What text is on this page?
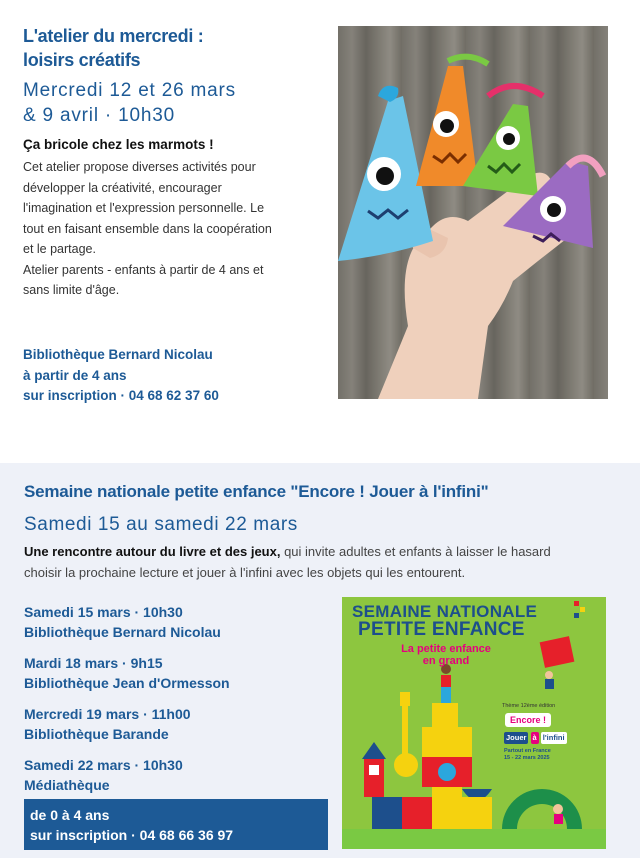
L'atelier du mercredi :
loisirs créatifs
Mercredi 12 et 26 mars
& 9 avril · 10h30
Ça bricole chez les marmots !
Cet atelier propose diverses activités pour
développer la créativité, encourager
l'imagination et l'expression personnelle. Le
tout en faisant ensemble dans la coopération
et le partage.
Atelier parents - enfants à partir de 4 ans et
sans limite d'âge.
Bibliothèque Bernard Nicolau
à partir de 4 ans
sur inscription · 04 68 62 37 60
Semaine nationale petite enfance "Encore ! Jouer à l'infini"
Samedi 15 au samedi 22 mars
Une rencontre autour du livre et des jeux, qui invite adultes et enfants à laisser le hasard
choisir la prochaine lecture et jouer à l'infini avec les objets qui les entourent.
Samedi 15 mars · 10h30
Bibliothèque Bernard Nicolau
Mardi 18 mars · 9h15
Bibliothèque Jean d'Ormesson
Mercredi 19 mars · 11h00
Bibliothèque Barande
Samedi 22 mars · 10h30
Médiathèque
de 0 à 4 ans
sur inscription · 04 68 66 36 97
SEMAINE NATIONALE
PETITE ENFANCE
La petite enfance
en grand
Thème 12ème édition
Encore !
Jouer à l'infini
Partout en France
15 - 22 mars 2025
